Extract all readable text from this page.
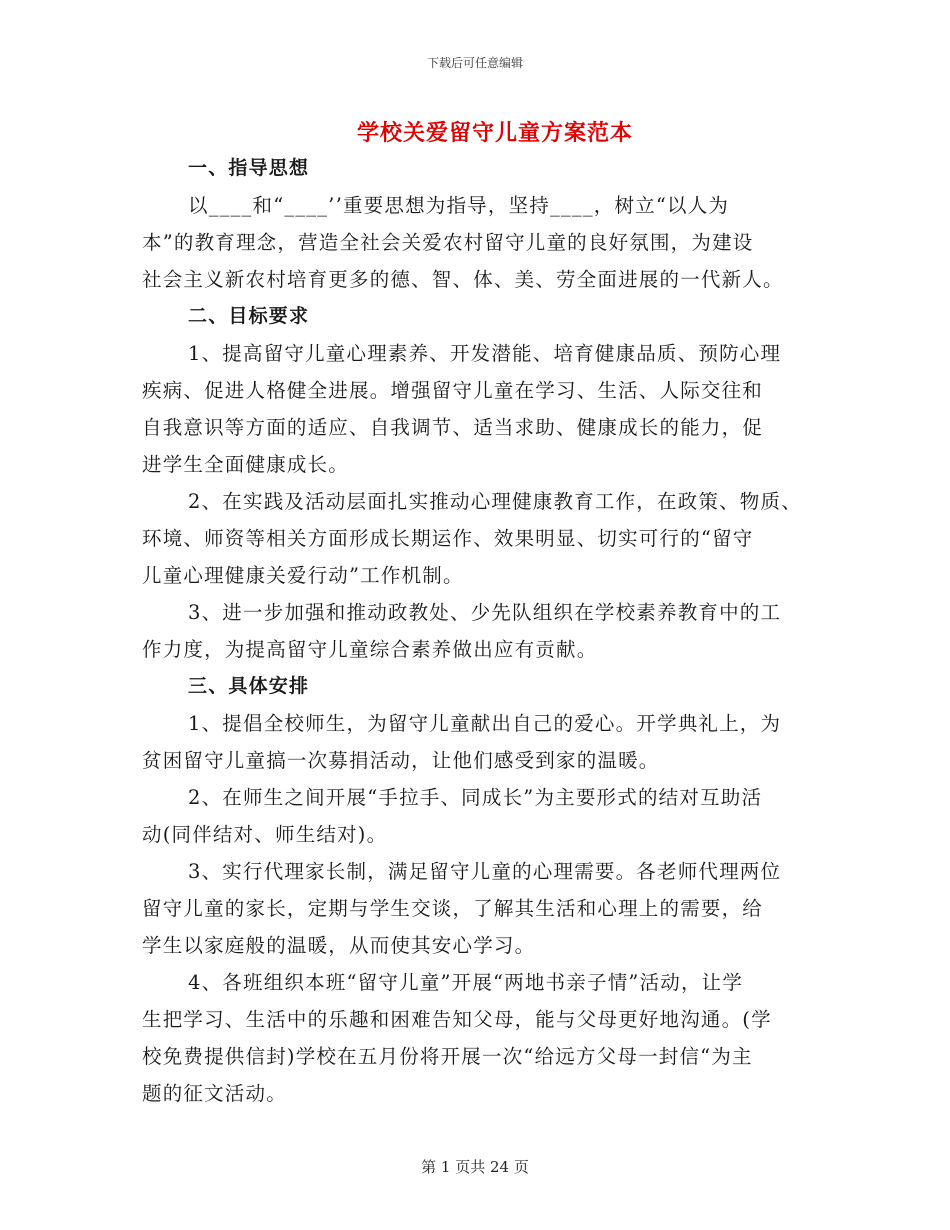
下载后可任意编辑
学校关爱留守儿童方案范本
一、指导思想
以____和“____’’重要思想为指导，坚持____，树立“以人为
本”的教育理念，营造全社会关爱农村留守儿童的良好氛围，为建设
社会主义新农村培育更多的德、智、体、美、劳全面进展的一代新人。
二、目标要求
1、提高留守儿童心理素养、开发潜能、培育健康品质、预防心理
疾病、促进人格健全进展。增强留守儿童在学习、生活、人际交往和
自我意识等方面的适应、自我调节、适当求助、健康成长的能力，促
进学生全面健康成长。
2、在实践及活动层面扎实推动心理健康教育工作，在政策、物质、
环境、师资等相关方面形成长期运作、效果明显、切实可行的“留守
儿童心理健康关爱行动”工作机制。
3、进一步加强和推动政教处、少先队组织在学校素养教育中的工
作力度，为提高留守儿童综合素养做出应有贡献。
三、具体安排
1、提倡全校师生，为留守儿童献出自己的爱心。开学典礼上，为
贫困留守儿童搞一次募捐活动，让他们感受到家的温暖。
2、在师生之间开展“手拉手、同成长”为主要形式的结对互助活
动(同伴结对、师生结对)。
3、实行代理家长制，满足留守儿童的心理需要。各老师代理两位
留守儿童的家长，定期与学生交谈，了解其生活和心理上的需要，给
学生以家庭般的温暖，从而使其安心学习。
4、各班组织本班“留守儿童”开展“两地书亲子情”活动，让学
生把学习、生活中的乐趣和困难告知父母，能与父母更好地沟通。(学
校免费提供信封)学校在五月份将开展一次“给远方父母一封信“为主
题的征文活动。
第 1 页共 24 页
